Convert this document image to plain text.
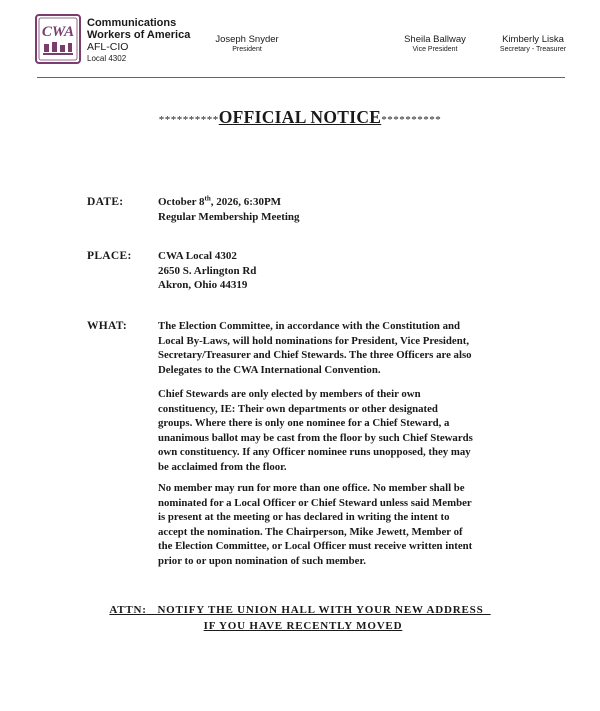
CWA
Communications
Workers of America
AFL-CIO
Local 4302
Joseph Snyder
President
Sheila Ballway
Vice President
Kimberly Liska
Secretary - Treasurer
**********OFFICIAL NOTICE**********
DATE:	October 8th, 2026, 6:30PM
Regular Membership Meeting
PLACE: CWA Local 4302
2650 S. Arlington Rd
Akron, Ohio 44319
WHAT:	The Election Committee, in accordance with the Constitution and
Local By-Laws, will hold nominations for President, Vice President,
Secretary/Treasurer and Chief Stewards. The three Officers are also
Delegates to the CWA International Convention.
Chief Stewards are only elected by members of their own
constituency, IE: Their own departments or other designated
groups. Where there is only one nominee for a Chief Steward, a
unanimous ballot may be cast from the floor by such Chief Stewards
own constituency. If any Officer nominee runs unopposed, they may
be acclaimed from the floor.
No member may run for more than one office. No member shall be
nominated for a Local Officer or Chief Steward unless said Member
is present at the meeting or has declared in writing the intent to
accept the nomination. The Chairperson, Mike Jewett, Member of
the Election Committee, or Local Officer must receive written intent
prior to or upon nomination of such member.
ATTN: NOTIFY THE UNION HALL WITH YOUR NEW ADDRESS
IF YOU HAVE RECENTLY MOVED
